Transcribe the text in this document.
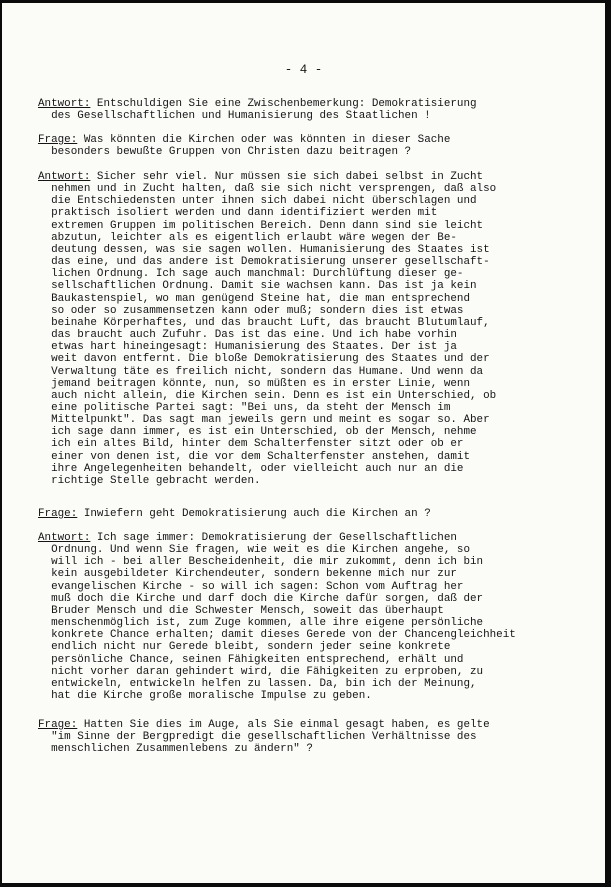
- 4 -
Antwort: Entschuldigen Sie eine Zwischenbemerkung: Demokratisierung
des Gesellschaftlichen und Humanisierung des Staatlichen !
Frage: Was könnten die Kirchen oder was könnten in dieser Sache
besonders bewußte Gruppen von Christen dazu beitragen ?
Antwort: Sicher sehr viel. Nur müssen sie sich dabei selbst in Zucht
nehmen und in Zucht halten, daß sie sich nicht versprengen, daß also
die Entschiedensten unter ihnen sich dabei nicht überschlagen und
praktisch isoliert werden und dann identifiziert werden mit
extremen Gruppen im politischen Bereich. Denn dann sind sie leicht
abzutun, leichter als es eigentlich erlaubt wäre wegen der Be-
deutung dessen, was sie sagen wollen. Humanisierung des Staates ist
das eine, und das andere ist Demokratisierung unserer gesellschaft-
lichen Ordnung. Ich sage auch manchmal: Durchlüftung dieser ge-
sellschaftlichen Ordnung. Damit sie wachsen kann. Das ist ja kein
Baukastenspiel, wo man genügend Steine hat, die man entsprechend
so oder so zusammensetzen kann oder muß; sondern dies ist etwas
beinahe Körperhaftes, und das braucht Luft, das braucht Blutumlauf,
das braucht auch Zufuhr. Das ist das eine. Und ich habe vorhin
etwas hart hineingesagt: Humanisierung des Staates. Der ist ja
weit davon entfernt. Die bloße Demokratisierung des Staates und der
Verwaltung täte es freilich nicht, sondern das Humane. Und wenn da
jemand beitragen könnte, nun, so müßten es in erster Linie, wenn
auch nicht allein, die Kirchen sein. Denn es ist ein Unterschied, ob
eine politische Partei sagt: "Bei uns, da steht der Mensch im
Mittelpunkt". Das sagt man jeweils gern und meint es sogar so. Aber
ich sage dann immer, es ist ein Unterschied, ob der Mensch, nehme
ich ein altes Bild, hinter dem Schalterfenster sitzt oder ob er
einer von denen ist, die vor dem Schalterfenster anstehen, damit
ihre Angelegenheiten behandelt, oder vielleicht auch nur an die
richtige Stelle gebracht werden.
Frage: Inwiefern geht Demokratisierung auch die Kirchen an ?
Antwort: Ich sage immer: Demokratisierung der Gesellschaftlichen
Ordnung. Und wenn Sie fragen, wie weit es die Kirchen angehe, so
will ich - bei aller Bescheidenheit, die mir zukommt, denn ich bin
kein ausgebildeter Kirchendeuter, sondern bekenne mich nur zur
evangelischen Kirche - so will ich sagen: Schon vom Auftrag her
muß doch die Kirche und darf doch die Kirche dafür sorgen, daß der
Bruder Mensch und die Schwester Mensch, soweit das überhaupt
menschenmöglich ist, zum Zuge kommen, alle ihre eigene persönliche
konkrete Chance erhalten; damit dieses Gerede von der Chancengleichheit
endlich nicht nur Gerede bleibt, sondern jeder seine konkrete
persönliche Chance, seinen Fähigkeiten entsprechend, erhält und
nicht vorher daran gehindert wird, die Fähigkeiten zu erproben, zu
entwickeln, entwickeln helfen zu lassen. Da, bin ich der Meinung,
hat die Kirche große moralische Impulse zu geben.
Frage: Hatten Sie dies im Auge, als Sie einmal gesagt haben, es gelte
"im Sinne der Bergpredigt die gesellschaftlichen Verhältnisse des
menschlichen Zusammenlebens zu ändern" ?
